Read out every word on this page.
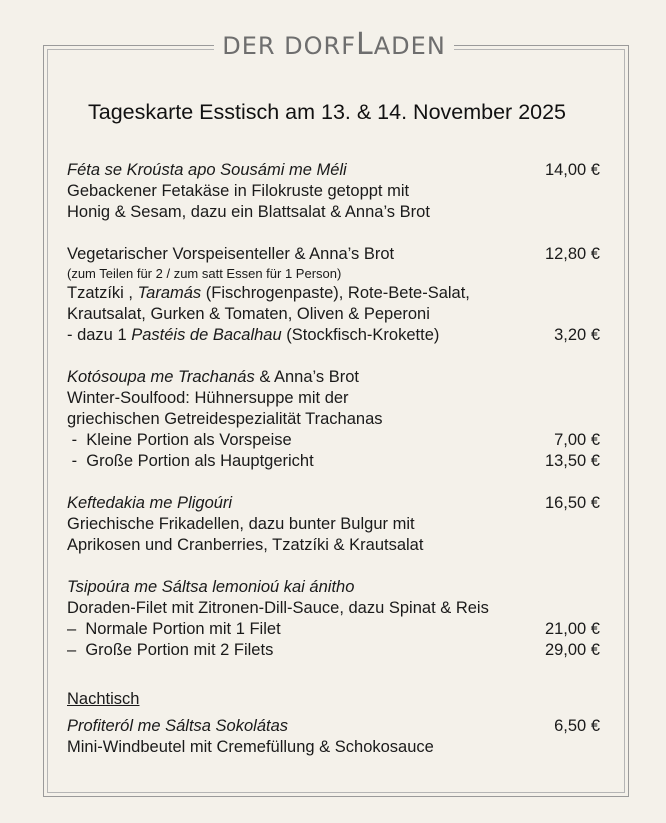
DER DORFLADEN
Tageskarte Esstisch am 13. & 14. November 2025
Féta se Kroústa apo Sousámi me Méli	14,00 €
Gebackener Fetakäse in Filokruste getoppt mit
Honig & Sesam, dazu ein Blattsalat & Anna’s Brot
Vegetarischer Vorspeisenteller & Anna’s Brot	12,80 €
(zum Teilen für 2 / zum satt Essen für 1 Person)
Tzatzíki , Taramás (Fischrogenpaste), Rote-Bete-Salat,
Krautsalat, Gurken & Tomaten, Oliven & Peperoni
- dazu 1 Pastéis de Bacalhau (Stockfisch-Krokette)	3,20 €
Kotósoupa me Trachanás & Anna’s Brot
Winter-Soulfood: Hühnersuppe mit der
griechischen Getreidespezialität Trachanas
-  Kleine Portion als Vorspeise	7,00 €
-  Große Portion als Hauptgericht	13,50 €
Keftedakia me Pligoúri	16,50 €
Griechische Frikadellen, dazu bunter Bulgur mit
Aprikosen und Cranberries, Tzatzíki & Krautsalat
Tsipoúra me Sáltsa lemonioú kai ánitho
Doraden-Filet mit Zitronen-Dill-Sauce, dazu Spinat & Reis
–  Normale Portion mit 1 Filet	21,00 €
–  Große Portion mit 2 Filets	29,00 €
Nachtisch
Profiteról me Sáltsa Sokolátas	6,50 €
Mini-Windbeutel mit Cremefüllung & Schokosauce
